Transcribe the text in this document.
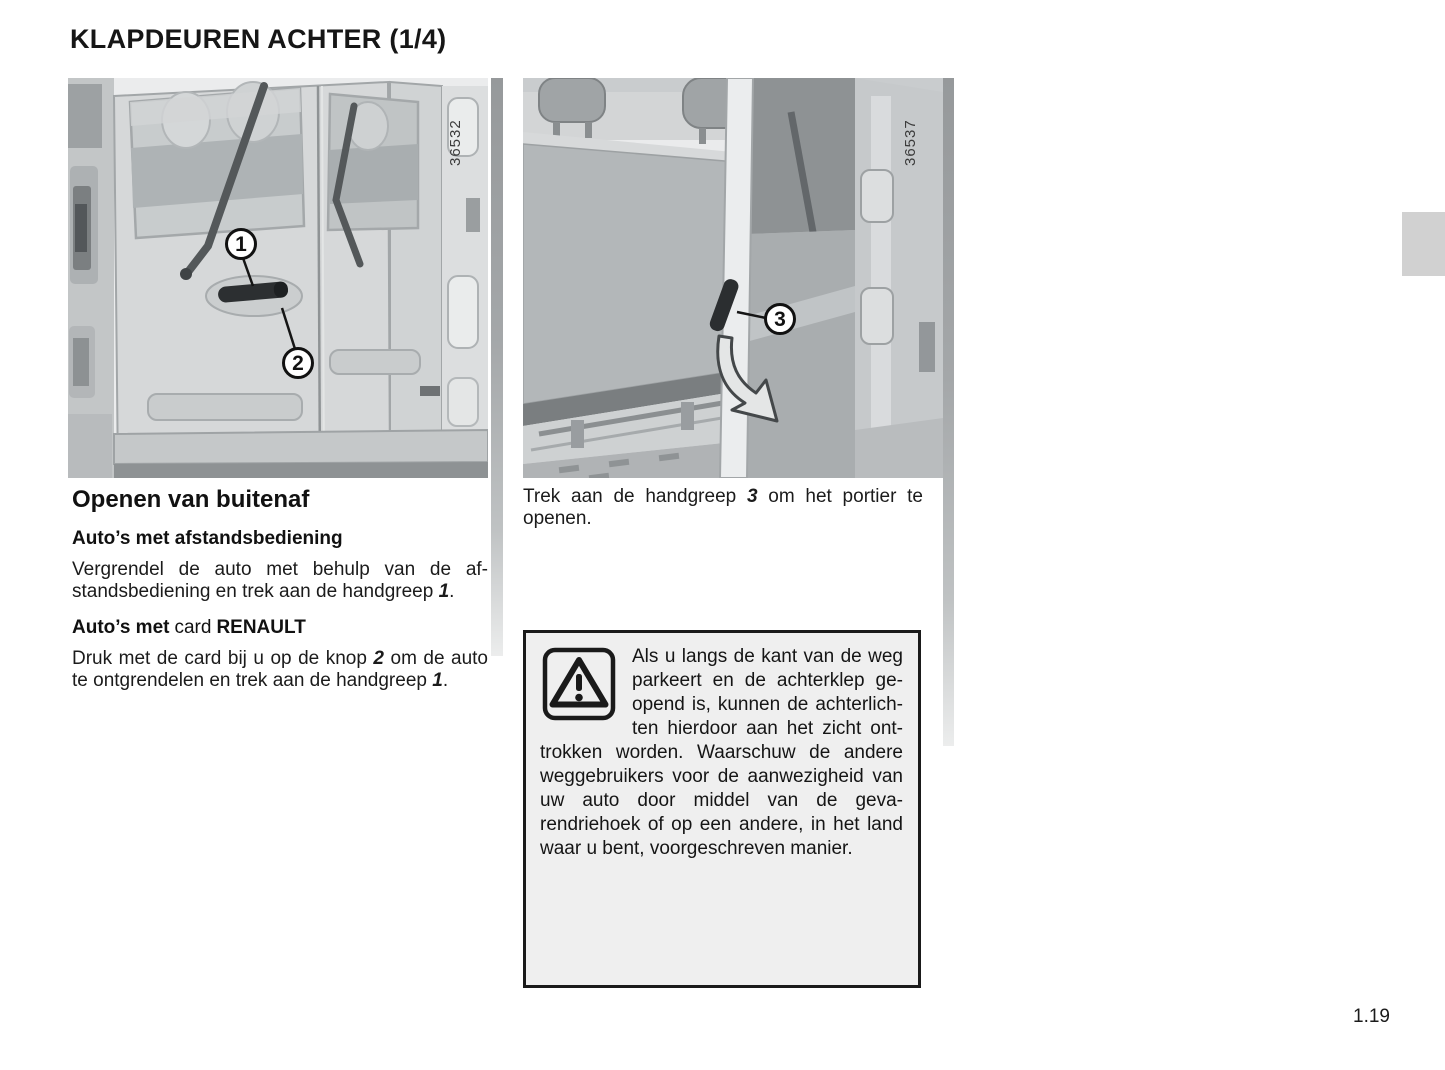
KLAPDEUREN ACHTER (1/4)
36532
1
2
36537
3
Openen van buitenaf
Auto’s met afstandsbediening

Vergrendel de auto met behulp van de afstandsbediening en trek aan de handgreep 1.

Auto’s met card RENAULT

Druk met de card bij u op de knop 2 om de auto te ontgrendelen en trek aan de handgreep 1.

Trek aan de handgreep 3 om het portier te openen.

Als u langs de kant van de weg parkeert en de achterklep geopend is, kunnen de achterlichten hierdoor aan het zicht onttrokken worden. Waarschuw de andere weggebruikers voor de aanwezigheid van uw auto door middel van de gevarendriehoek of op een andere, in het land waar u bent, voorgeschreven manier.

1.19
